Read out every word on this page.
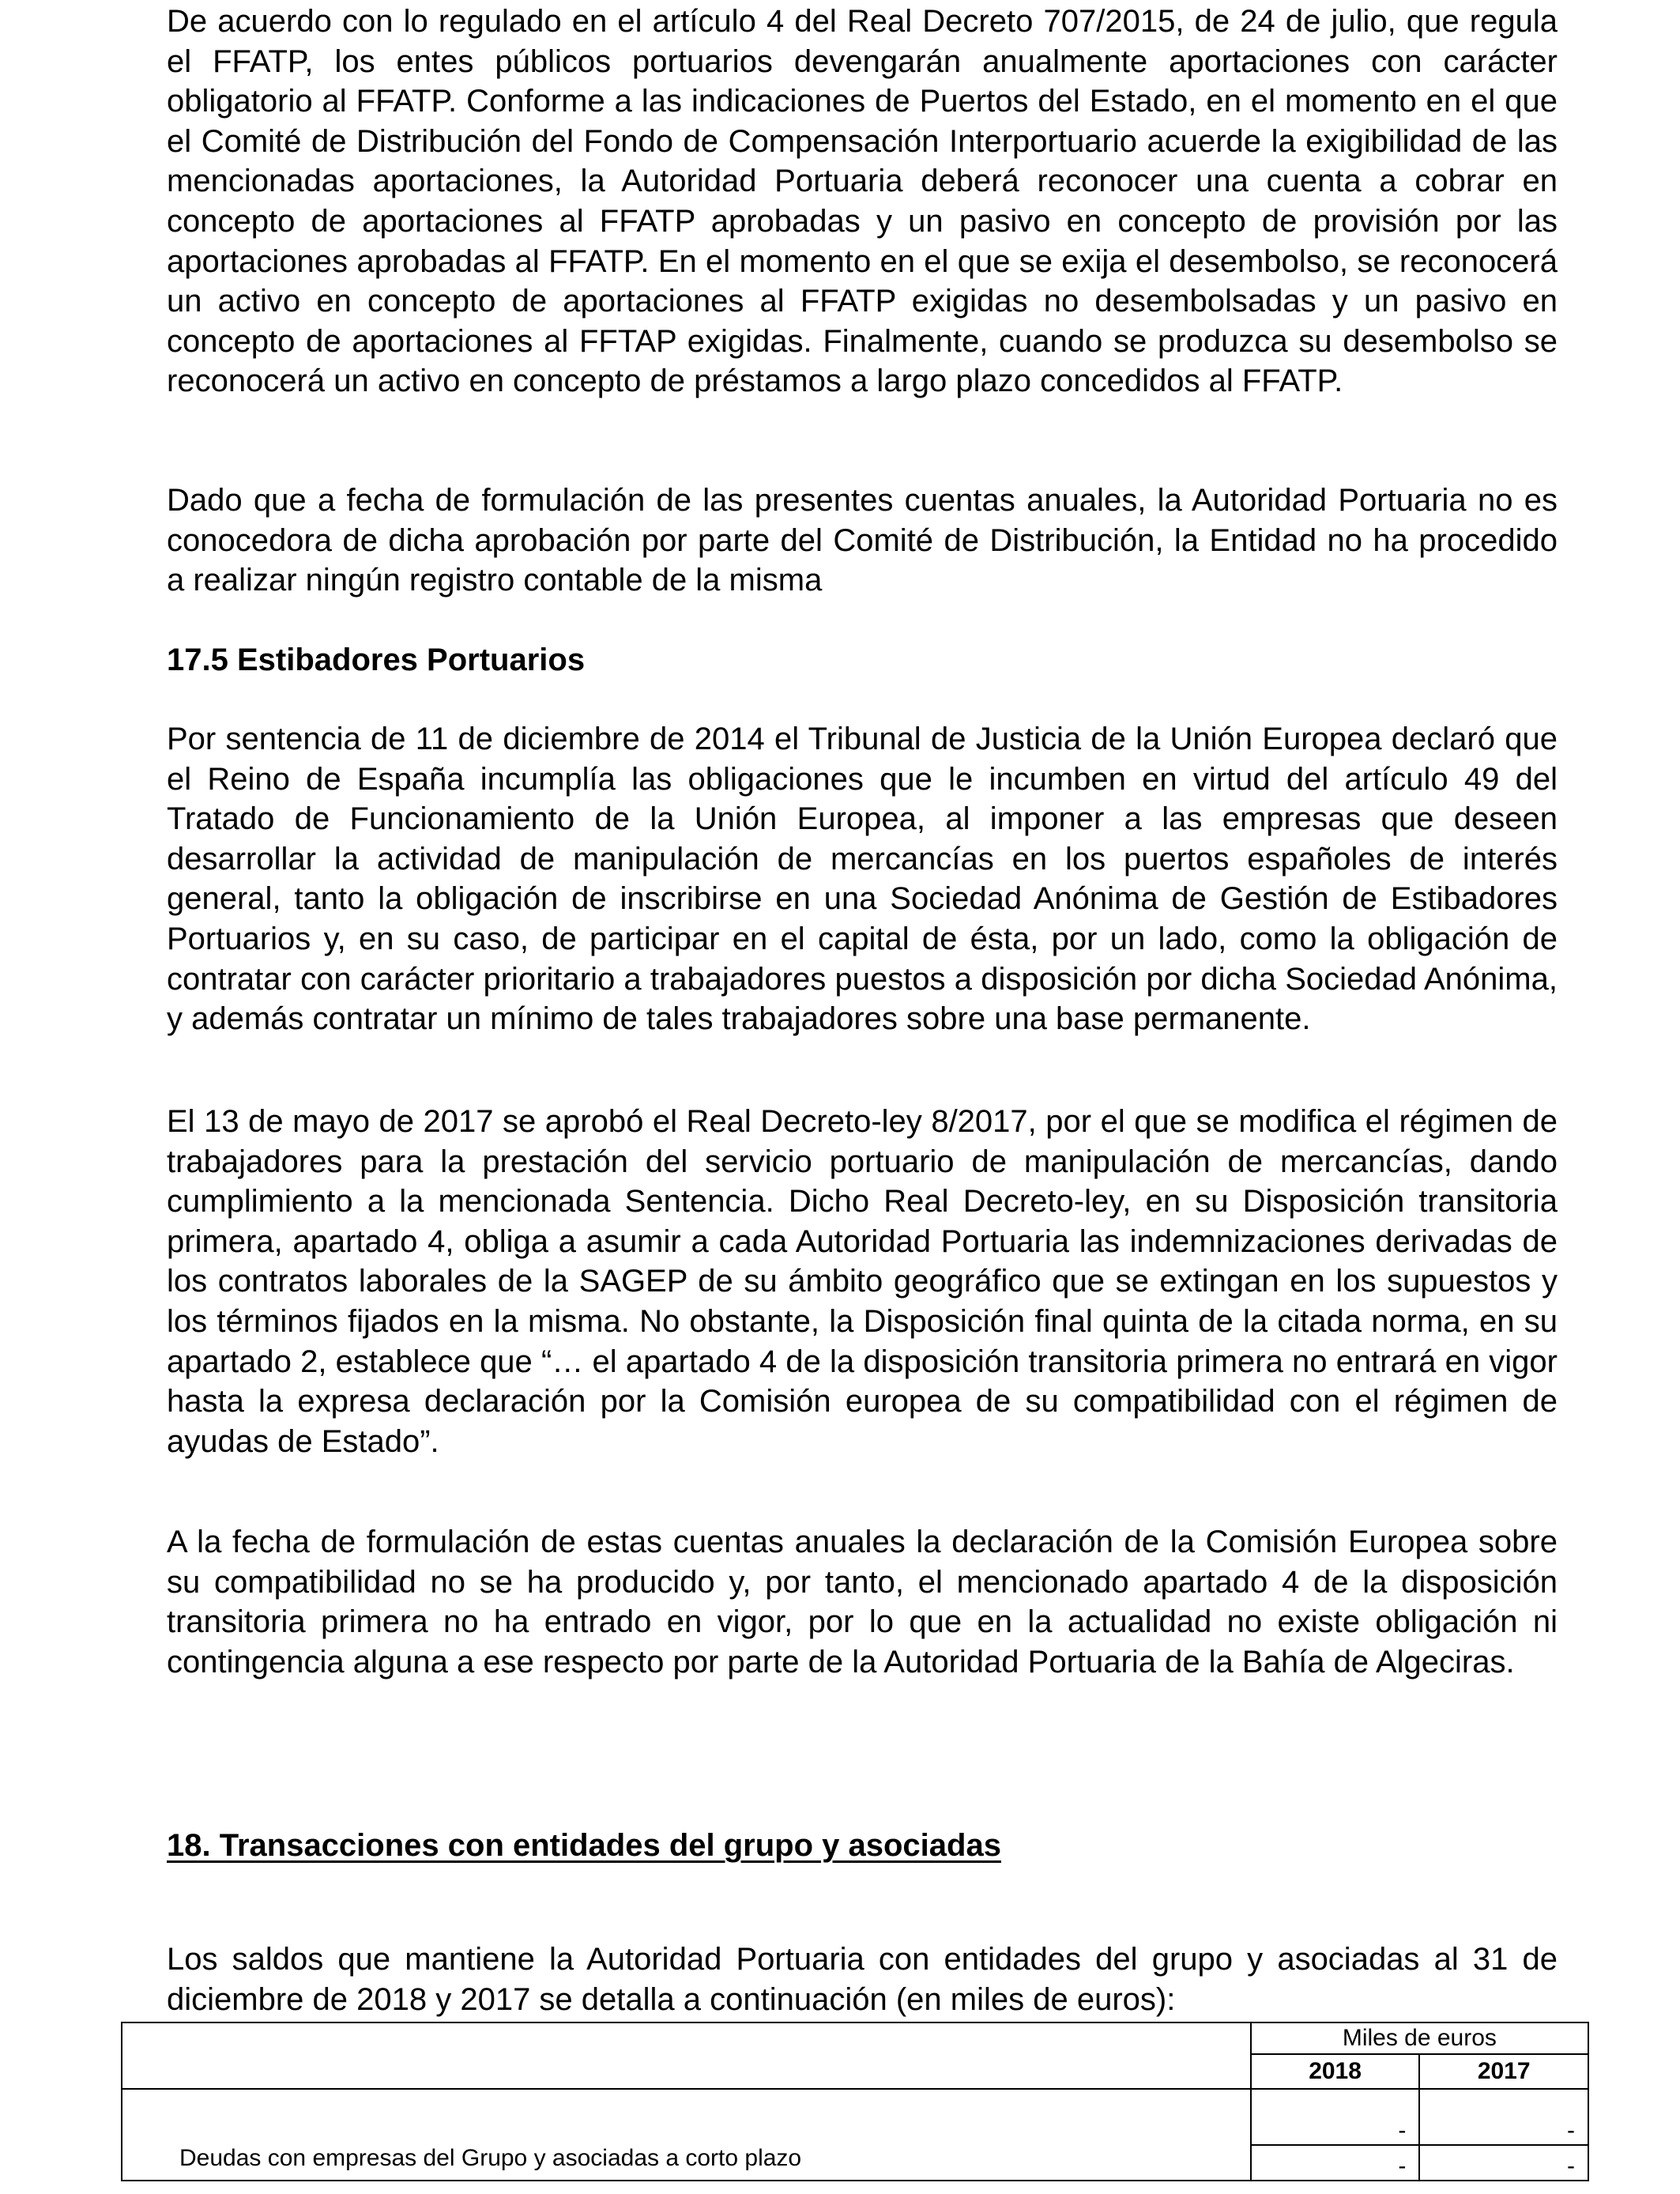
De acuerdo con lo regulado en el artículo 4 del Real Decreto 707/2015, de 24 de julio, que regula el FFATP, los entes públicos portuarios devengarán anualmente aportaciones con carácter obligatorio al FFATP. Conforme a las indicaciones de Puertos del Estado, en el momento en el que el Comité de Distribución del Fondo de Compensación Interportuario acuerde la exigibilidad de las mencionadas aportaciones, la Autoridad Portuaria deberá reconocer una cuenta a cobrar en concepto de aportaciones al FFATP aprobadas y un pasivo en concepto de provisión por las aportaciones aprobadas al FFATP. En el momento en el que se exija el desembolso, se reconocerá un activo en concepto de aportaciones al FFATP exigidas no desembolsadas y un pasivo en concepto de aportaciones al FFTAP exigidas. Finalmente, cuando se produzca su desembolso se reconocerá un activo en concepto de préstamos a largo plazo concedidos al FFATP.

Dado que a fecha de formulación de las presentes cuentas anuales, la Autoridad Portuaria no es conocedora de dicha aprobación por parte del Comité de Distribución, la Entidad no ha procedido a realizar ningún registro contable de la misma

17.5 Estibadores Portuarios

Por sentencia de 11 de diciembre de 2014 el Tribunal de Justicia de la Unión Europea declaró que el Reino de España incumplía las obligaciones que le incumben en virtud del artículo 49 del Tratado de Funcionamiento de la Unión Europea, al imponer a las empresas que deseen desarrollar la actividad de manipulación de mercancías en los puertos españoles de interés general, tanto la obligación de inscribirse en una Sociedad Anónima de Gestión de Estibadores Portuarios y, en su caso, de participar en el capital de ésta, por un lado, como la obligación de contratar con carácter prioritario a trabajadores puestos a disposición por dicha Sociedad Anónima, y además contratar un mínimo de tales trabajadores sobre una base permanente.

El 13 de mayo de 2017 se aprobó el Real Decreto-ley 8/2017, por el que se modifica el régimen de trabajadores para la prestación del servicio portuario de manipulación de mercancías, dando cumplimiento a la mencionada Sentencia. Dicho Real Decreto-ley, en su Disposición transitoria primera, apartado 4, obliga a asumir a cada Autoridad Portuaria las indemnizaciones derivadas de los contratos laborales de la SAGEP de su ámbito geográfico que se extingan en los supuestos y los términos fijados en la misma. No obstante, la Disposición final quinta de la citada norma, en su apartado 2, establece que “… el apartado 4 de la disposición transitoria primera no entrará en vigor hasta la expresa declaración por la Comisión europea de su compatibilidad con el régimen de ayudas de Estado”.

A la fecha de formulación de estas cuentas anuales la declaración de la Comisión Europea sobre su compatibilidad no se ha producido y, por tanto, el mencionado apartado 4 de la disposición transitoria primera no ha entrado en vigor, por lo que en la actualidad no existe obligación ni contingencia alguna a ese respecto por parte de la Autoridad Portuaria de la Bahía de Algeciras.

18. Transacciones con entidades del grupo y asociadas

Los saldos que mantiene la Autoridad Portuaria con entidades del grupo y asociadas al 31 de diciembre de 2018 y 2017 se detalla a continuación (en miles de euros):

	Miles de euros	
	2018	2017
Deudas con empresas del Grupo y asociadas a corto plazo	-	-
	-	-
